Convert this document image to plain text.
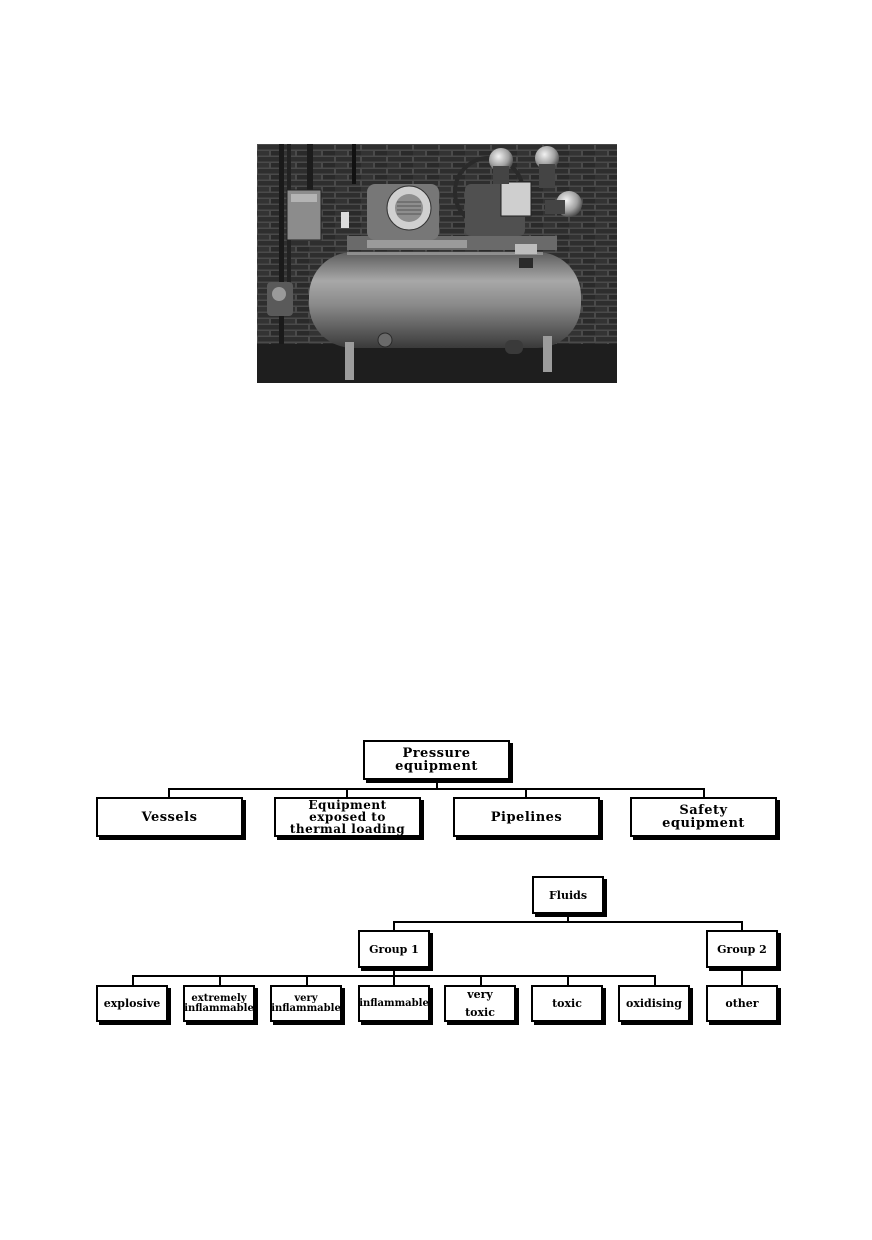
Pressure
equipment
Vessels
Equipment
exposed to
thermal loading
Pipelines	Safety
equipment
Fluids
Group 1	Group 2
explosive	extremely
inflammable
very
inflammable inflammable
very
toxic
toxic	oxidising	other
